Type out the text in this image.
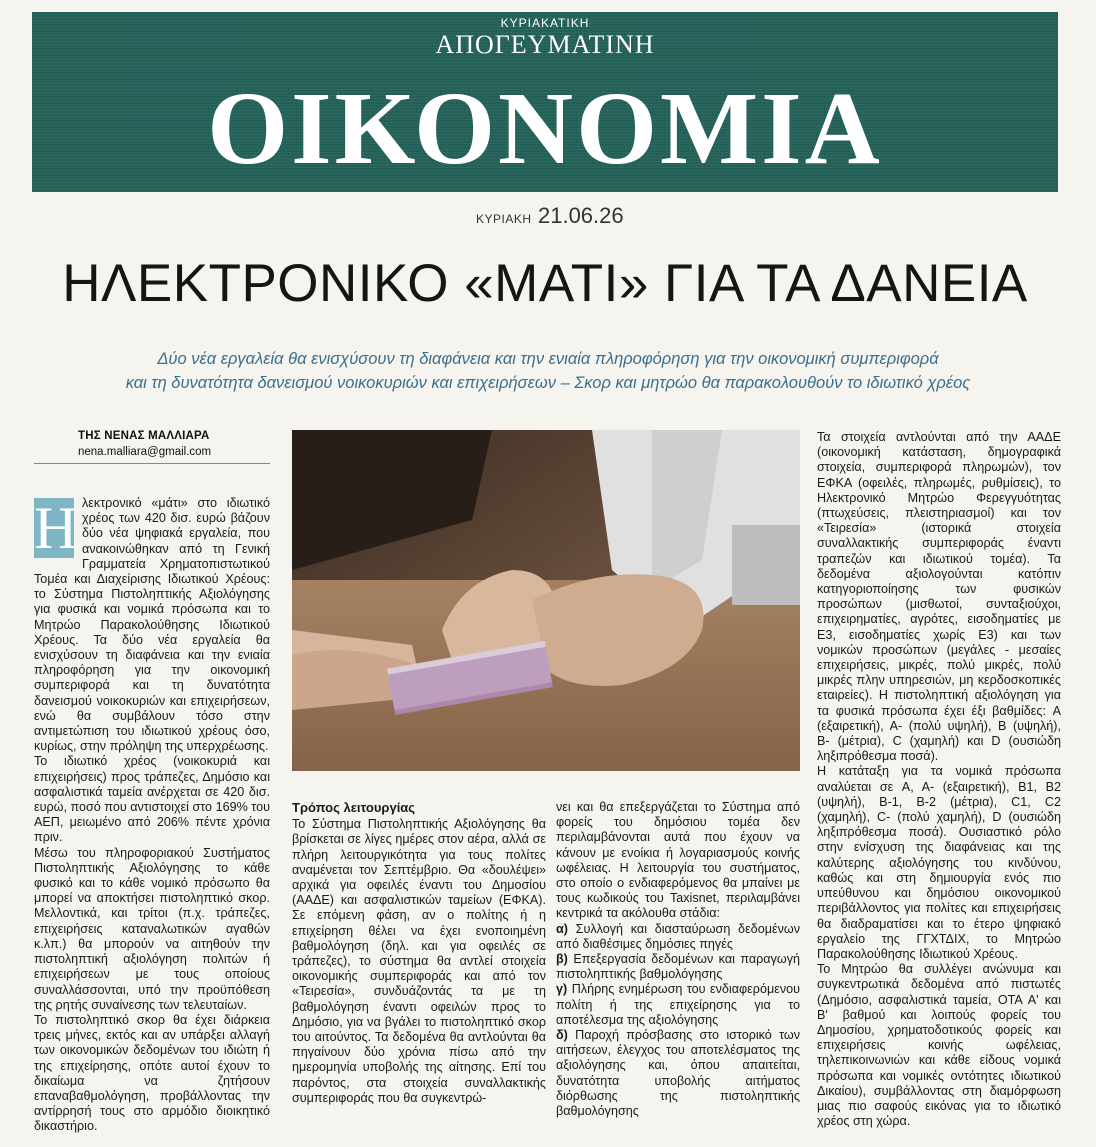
ΚΥΡΙΑΚΑΤΙΚΗ
ΑΠΟΓΕΥΜΑΤΙΝΗ
ΟΙΚΟΝΟΜΙΑ
ΚΥΡΙΑΚΗ 21.06.26
ΗΛΕΚΤΡΟΝΙΚΟ «ΜΑΤΙ» ΓΙΑ ΤΑ ΔΑΝΕΙΑ
Δύο νέα εργαλεία θα ενισχύσουν τη διαφάνεια και την ενιαία πληροφόρηση για την οικονομική συμπεριφορά
και τη δυνατότητα δανεισμού νοικοκυριών και επιχειρήσεων – Σκορ και μητρώο θα παρακολουθούν το ιδιωτικό χρέος
ΤΗΣ ΝΕΝΑΣ ΜΑΛΛΙΑΡΑ
nena.malliara@gmail.com

Η λεκτρονικό «μάτι» στο ιδιωτικό χρέος των 420 δισ. ευρώ βάζουν δύο νέα ψηφιακά εργαλεία, που ανακοινώθηκαν από τη Γενική Γραμματεία Χρηματοπιστωτικού Τομέα και Διαχείρισης Ιδιωτικού Χρέους: το Σύστημα Πιστοληπτικής Αξιολόγησης για φυσικά και νομικά πρόσωπα και το Μητρώο Παρακολούθησης Ιδιωτικού Χρέους. Τα δύο νέα εργαλεία θα ενισχύσουν τη διαφάνεια και την ενιαία πληροφόρηση για την οικονομική συμπεριφορά και τη δυνατότητα δανεισμού νοικοκυριών και επιχειρήσεων, ενώ θα συμβάλουν τόσο στην αντιμετώπιση του ιδιωτικού χρέους όσο, κυρίως, στην πρόληψη της υπερχρέωσης.

Το ιδιωτικό χρέος (νοικοκυριά και επιχειρήσεις) προς τράπεζες, Δημόσιο και ασφαλιστικά ταμεία ανέρχεται σε 420 δισ. ευρώ, ποσό που αντιστοιχεί στο 169% του ΑΕΠ, μειωμένο από 206% πέντε χρόνια πριν.

Μέσω του πληροφοριακού Συστήματος Πιστοληπτικής Αξιολόγησης το κάθε φυσικό και το κάθε νομικό πρόσωπο θα μπορεί να αποκτήσει πιστοληπτικό σκορ. Μελλοντικά, και τρίτοι (π.χ. τράπεζες, επιχειρήσεις καταναλωτικών αγαθών κ.λπ.) θα μπορούν να αιτηθούν την πιστοληπτική αξιολόγηση πολιτών ή επιχειρήσεων με τους οποίους συναλλάσσονται, υπό την προϋπόθεση της ρητής συναίνεσης των τελευταίων.

Το πιστοληπτικό σκορ θα έχει διάρκεια τρεις μήνες, εκτός και αν υπάρξει αλλαγή των οικονομικών δεδομένων του ιδιώτη ή της επιχείρησης, οπότε αυτοί έχουν το δικαίωμα να ζητήσουν επαναβαθμολόγηση, προβάλλοντας την αντίρρησή τους στο αρμόδιο διοικητικό δικαστήριο.

Τρόπος λειτουργίας

Το Σύστημα Πιστοληπτικής Αξιολόγησης θα βρίσκεται σε λίγες ημέρες στον αέρα, αλλά σε πλήρη λειτουργικότητα για τους πολίτες αναμένεται τον Σεπτέμβριο. Θα «δουλέψει» αρχικά για οφειλές έναντι του Δημοσίου (ΑΑΔΕ) και ασφαλιστικών ταμείων (ΕΦΚΑ). Σε επόμενη φάση, αν ο πολίτης ή η επιχείρηση θέλει να έχει ενοποιημένη βαθμολόγηση (δηλ. και για οφειλές σε τράπεζες), το σύστημα θα αντλεί στοιχεία οικονομικής συμπεριφοράς και από τον «Τειρεσία», συνδυάζοντάς τα με τη βαθμολόγηση έναντι οφειλών προς το Δημόσιο, για να βγάλει το πιστοληπτικό σκορ του αιτούντος. Τα δεδομένα θα αντλούνται θα πηγαίνουν δύο χρόνια πίσω από την ημερομηνία υποβολής της αίτησης. Επί του παρόντος, στα στοιχεία συναλλακτικής συμπεριφοράς που θα συγκεντρώ-

νει και θα επεξεργάζεται το Σύστημα από φορείς του δημόσιου τομέα δεν περιλαμβάνονται αυτά που έχουν να κάνουν με ενοίκια ή λογαριασμούς κοινής ωφέλειας. Η λειτουργία του συστήματος, στο οποίο ο ενδιαφερόμενος θα μπαίνει με τους κωδικούς του Taxisnet, περιλαμβάνει κεντρικά τα ακόλουθα στάδια:

α) Συλλογή και διασταύρωση δεδομένων από διαθέσιμες δημόσιες πηγές

β) Επεξεργασία δεδομένων και παραγωγή πιστοληπτικής βαθμολόγησης

γ) Πλήρης ενημέρωση του ενδιαφερόμενου πολίτη ή της επιχείρησης για το αποτέλεσμα της αξιολόγησης

δ) Παροχή πρόσβασης στο ιστορικό των αιτήσεων, έλεγχος του αποτελέσματος της αξιολόγησης και, όπου απαιτείται, δυνατότητα υποβολής αιτήματος διόρθωσης της πιστοληπτικής βαθμολόγησης

Τα στοιχεία αντλούνται από την ΑΑΔΕ (οικονομική κατάσταση, δημογραφικά στοιχεία, συμπεριφορά πληρωμών), τον ΕΦΚΑ (οφειλές, πληρωμές, ρυθμίσεις), το Ηλεκτρονικό Μητρώο Φερεγγυότητας (πτωχεύσεις, πλειστηριασμοί) και τον «Τειρεσία» (ιστορικά στοιχεία συναλλακτικής συμπεριφοράς έναντι τραπεζών και ιδιωτικού τομέα). Τα δεδομένα αξιολογούνται κατόπιν κατηγοριοποίησης των φυσικών προσώπων (μισθωτοί, συνταξιούχοι, επιχειρηματίες, αγρότες, εισοδηματίες με Ε3, εισοδηματίες χωρίς Ε3) και των νομικών προσώπων (μεγάλες - μεσαίες επιχειρήσεις, μικρές, πολύ μικρές, πολύ μικρές πλην υπηρεσιών, μη κερδοσκοπικές εταιρείες). Η πιστοληπτική αξιολόγηση για τα φυσικά πρόσωπα έχει έξι βαθμίδες: A (εξαιρετική), A- (πολύ υψηλή), B (υψηλή), B- (μέτρια), C (χαμηλή) και D (ουσιώδη ληξιπρόθεσμα ποσά).

Η κατάταξη για τα νομικά πρόσωπα αναλύεται σε A, A- (εξαιρετική), B1, B2 (υψηλή), B-1, B-2 (μέτρια), C1, C2 (χαμηλή), C- (πολύ χαμηλή), D (ουσιώδη ληξιπρόθεσμα ποσά). Ουσιαστικό ρόλο στην ενίσχυση της διαφάνειας και της καλύτερης αξιολόγησης του κινδύνου, καθώς και στη δημιουργία ενός πιο υπεύθυνου και δημόσιου οικονομικού περιβάλλοντος για πολίτες και επιχειρήσεις θα διαδραματίσει και το έτερο ψηφιακό εργαλείο της ΓΓΧΤΔΙΧ, το Μητρώο Παρακολούθησης Ιδιωτικού Χρέους.

Το Μητρώο θα συλλέγει ανώνυμα και συγκεντρωτικά δεδομένα από πιστωτές (Δημόσιο, ασφαλιστικά ταμεία, ΟΤΑ Α' και Β' βαθμού και λοιπούς φορείς του Δημοσίου, χρηματοδοτικούς φορείς και επιχειρήσεις κοινής ωφέλειας, τηλεπικοινωνιών και κάθε είδους νομικά πρόσωπα και νομικές οντότητες ιδιωτικού Δικαίου), συμβάλλοντας στη διαμόρφωση μιας πιο σαφούς εικόνας για το ιδιωτικό χρέος στη χώρα.
